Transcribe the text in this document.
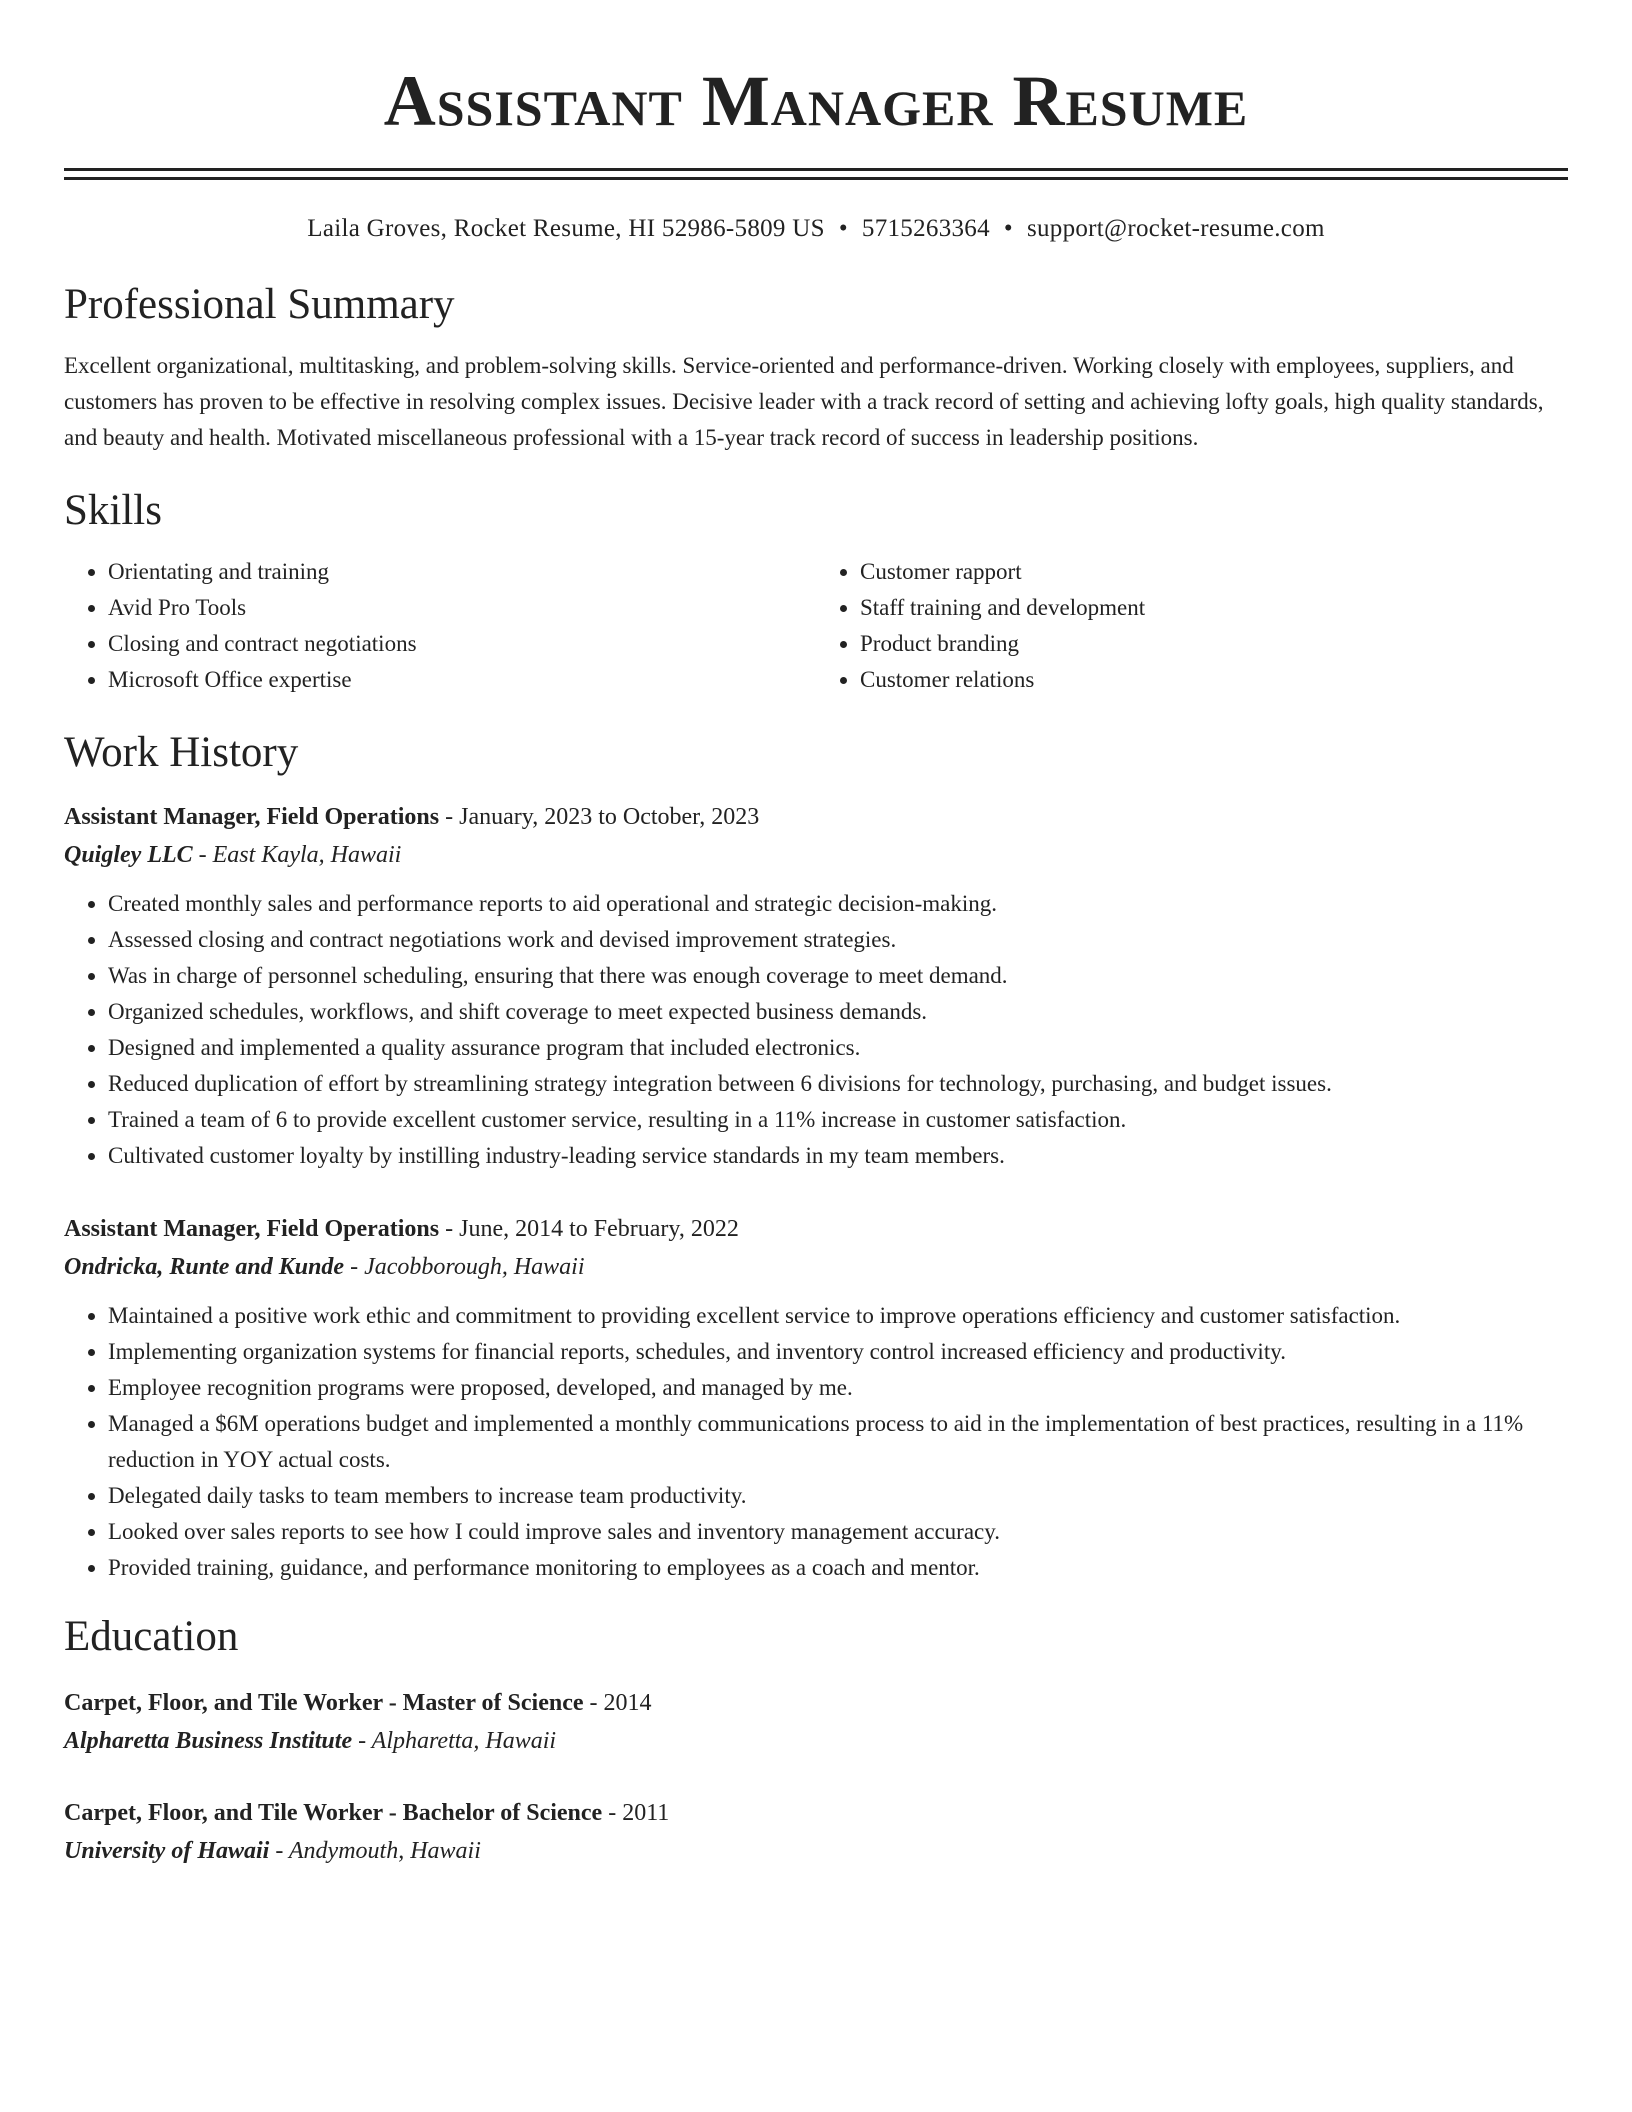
Assistant Manager Resume
Laila Groves, Rocket Resume, HI 52986-5809 US • 5715263364 • support@rocket-resume.com
Professional Summary
Excellent organizational, multitasking, and problem-solving skills. Service-oriented and performance-driven. Working closely with employees, suppliers, and customers has proven to be effective in resolving complex issues. Decisive leader with a track record of setting and achieving lofty goals, high quality standards, and beauty and health. Motivated miscellaneous professional with a 15-year track record of success in leadership positions.
Skills
• Orientating and training
• Avid Pro Tools
• Closing and contract negotiations
• Microsoft Office expertise
• Customer rapport
• Staff training and development
• Product branding
• Customer relations
Work History
Assistant Manager, Field Operations - January, 2023 to October, 2023
Quigley LLC - East Kayla, Hawaii
• Created monthly sales and performance reports to aid operational and strategic decision-making.
• Assessed closing and contract negotiations work and devised improvement strategies.
• Was in charge of personnel scheduling, ensuring that there was enough coverage to meet demand.
• Organized schedules, workflows, and shift coverage to meet expected business demands.
• Designed and implemented a quality assurance program that included electronics.
• Reduced duplication of effort by streamlining strategy integration between 6 divisions for technology, purchasing, and budget issues.
• Trained a team of 6 to provide excellent customer service, resulting in a 11% increase in customer satisfaction.
• Cultivated customer loyalty by instilling industry-leading service standards in my team members.
Assistant Manager, Field Operations - June, 2014 to February, 2022
Ondricka, Runte and Kunde - Jacobborough, Hawaii
• Maintained a positive work ethic and commitment to providing excellent service to improve operations efficiency and customer satisfaction.
• Implementing organization systems for financial reports, schedules, and inventory control increased efficiency and productivity.
• Employee recognition programs were proposed, developed, and managed by me.
• Managed a $6M operations budget and implemented a monthly communications process to aid in the implementation of best practices, resulting in a 11% reduction in YOY actual costs.
• Delegated daily tasks to team members to increase team productivity.
• Looked over sales reports to see how I could improve sales and inventory management accuracy.
• Provided training, guidance, and performance monitoring to employees as a coach and mentor.
Education
Carpet, Floor, and Tile Worker - Master of Science - 2014
Alpharetta Business Institute - Alpharetta, Hawaii
Carpet, Floor, and Tile Worker - Bachelor of Science - 2011
University of Hawaii - Andymouth, Hawaii
